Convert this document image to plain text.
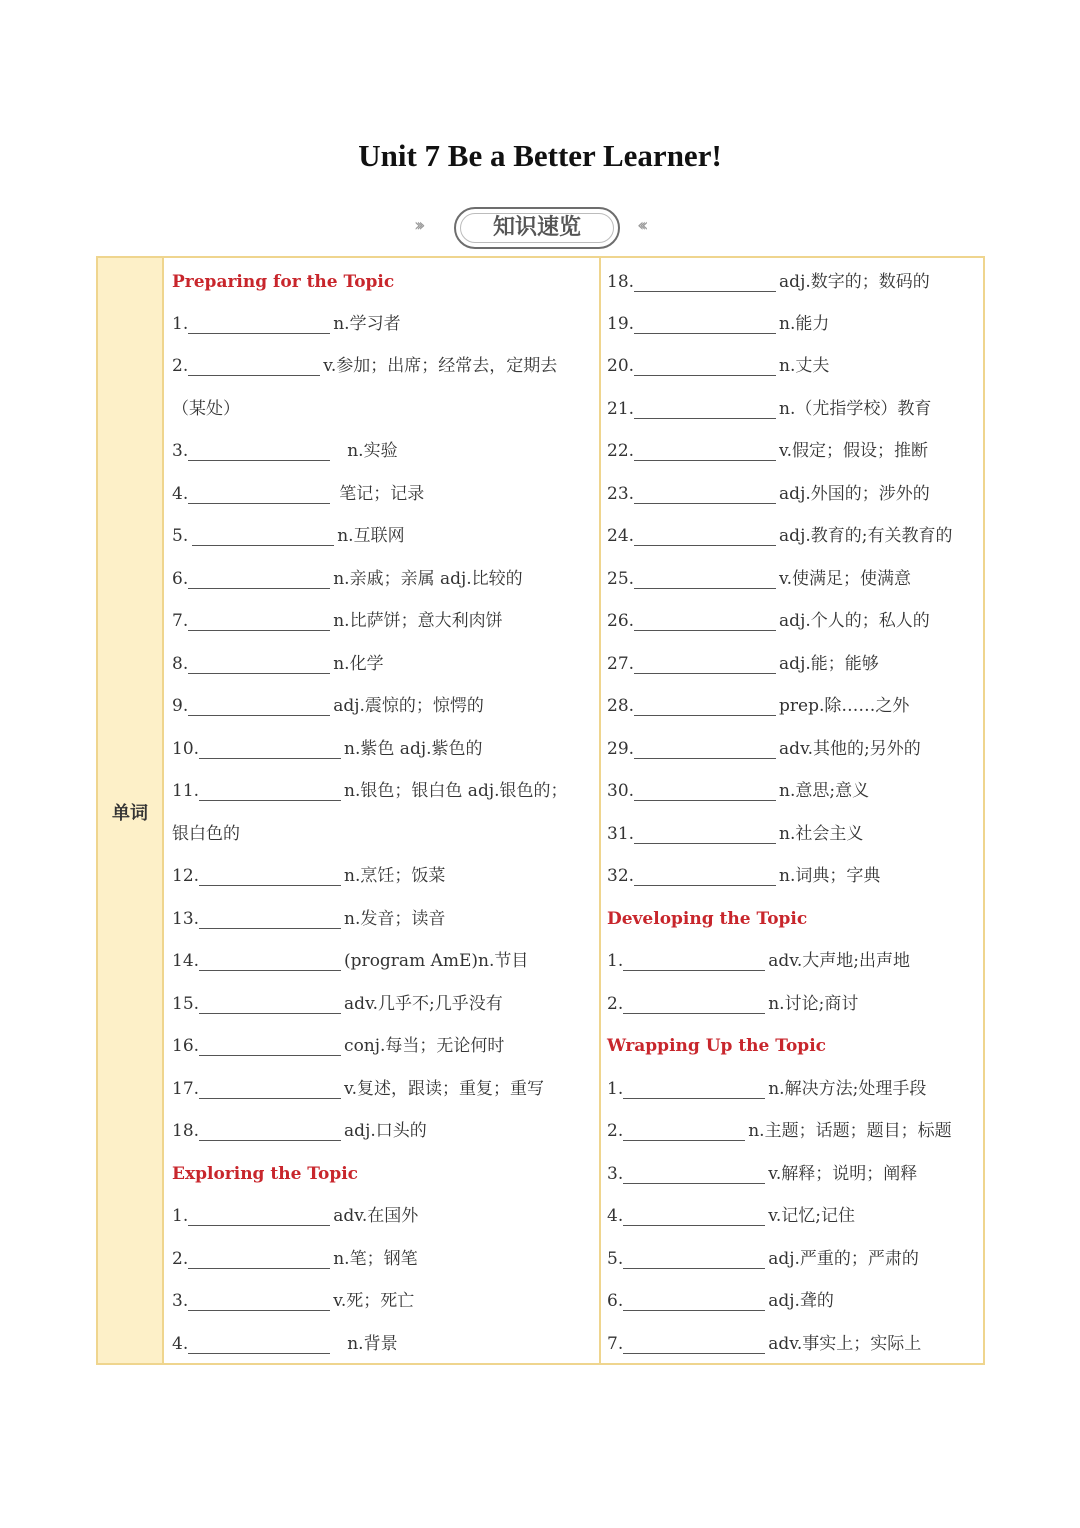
Unit 7 Be a Better Learner!
›››	知识速览	‹‹‹
单词
Preparing for the Topic
1.	n.学习者
2.	v.参加；出席；经常去，定期去
（某处）
3.	n.实验
4.	笔记；记录
5.	n.互联网
6.	n.亲戚；亲属 adj.比较的
7.	n.比萨饼；意大利肉饼
8.	n.化学
9.	adj.震惊的；惊愕的
10.	n.紫色 adj.紫色的
11.	n.银色；银白色 adj.银色的；
银白色的
12.	n.烹饪；饭菜
13.	n.发音；读音
14.	(program AmE)n.节目
15.	adv.几乎不;几乎没有
16.	conj.每当；无论何时
17.	v.复述，跟读；重复；重写
18.	adj.口头的
Exploring the Topic
1.	adv.在国外
2.	n.笔；钢笔
3.	v.死；死亡
4.	n.背景
18.	adj.数字的；数码的
19.	n.能力
20.	n.丈夫
21.	n.（尤指学校）教育
22.	v.假定；假设；推断
23.	adj.外国的；涉外的
24.	adj.教育的;有关教育的
25.	v.使满足；使满意
26.	adj.个人的；私人的
27.	adj.能；能够
28.	prep.除……之外
29.	adv.其他的;另外的
30.	n.意思;意义
31.	n.社会主义
32.	n.词典；字典
Developing the Topic
1.	adv.大声地;出声地
2.	n.讨论;商讨
Wrapping Up the Topic
1.	n.解决方法;处理手段
2.	n.主题；话题；题目；标题
3.	v.解释；说明；阐释
4.	v.记忆;记住
5.	adj.严重的；严肃的
6.	adj.聋的
7.	adv.事实上；实际上
